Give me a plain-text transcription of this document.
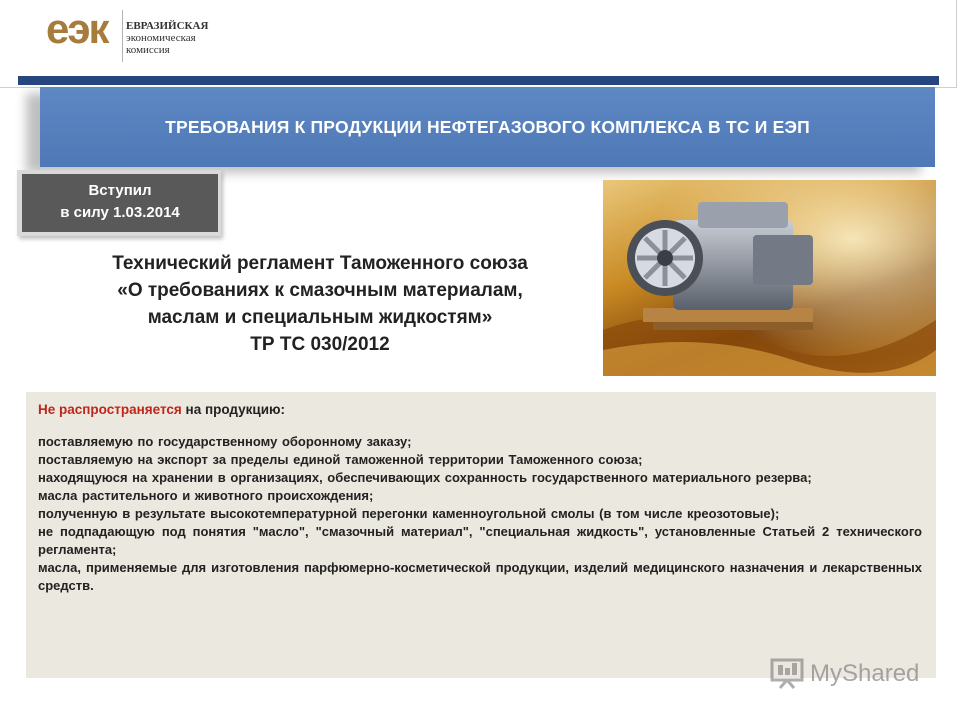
еэк ЕВРАЗИЙСКАЯ
экономическая
комиссия
ТРЕБОВАНИЯ К ПРОДУКЦИИ НЕФТЕГАЗОВОГО КОМПЛЕКСА В ТС И ЕЭП
Вступил
в силу 1.03.2014
Технический регламент Таможенного союза
«О требованиях к смазочным материалам,
маслам и специальным жидкостям»
ТР ТС 030/2012
Не распространяется на продукцию:
поставляемую по государственному оборонному заказу;
поставляемую на экспорт за пределы единой таможенной территории Таможенного союза;
находящуюся на хранении в организациях, обеспечивающих сохранность государственного материального резерва;
масла растительного и животного происхождения;
полученную в результате высокотемпературной перегонки каменноугольной смолы (в том числе креозотовые);
не подпадающую под понятия "масло", "смазочный материал", "специальная жидкость", установленные Статьей 2 технического регламента;
масла, применяемые для изготовления парфюмерно-косметической продукции, изделий медицинского назначения и лекарственных средств.
MyShared
